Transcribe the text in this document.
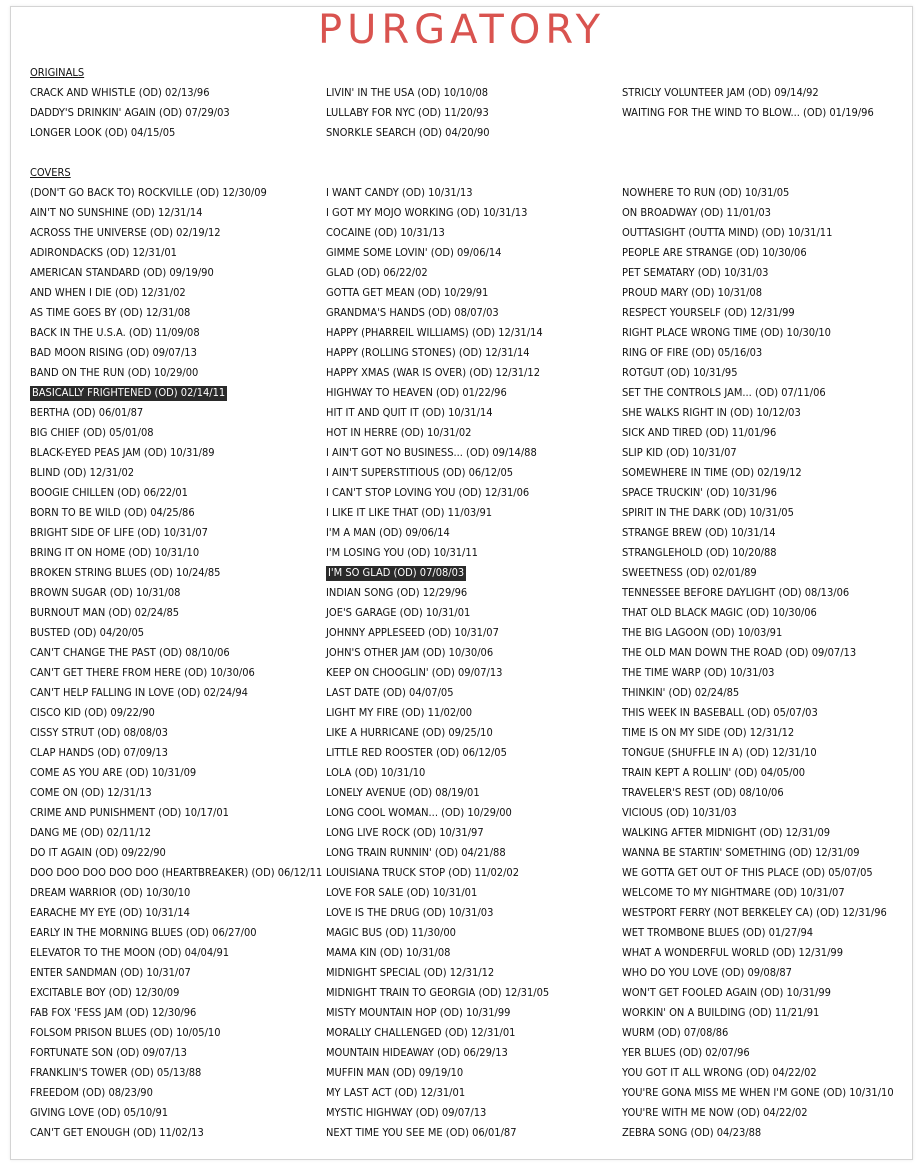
PURGATORY
ORIGINALS
CRACK AND WHISTLE (OD) 02/13/96
DADDY'S DRINKIN' AGAIN (OD) 07/29/03
LONGER LOOK (OD) 04/15/05
LIVIN' IN THE USA (OD) 10/10/08
LULLABY FOR NYC (OD) 11/20/93
SNORKLE SEARCH (OD) 04/20/90
STRICLY VOLUNTEER JAM (OD) 09/14/92
WAITING FOR THE WIND TO BLOW... (OD) 01/19/96
COVERS
(DON'T GO BACK TO) ROCKVILLE (OD) 12/30/09
AIN'T NO SUNSHINE (OD) 12/31/14
ACROSS THE UNIVERSE (OD) 02/19/12
ADIRONDACKS (OD) 12/31/01
AMERICAN STANDARD (OD) 09/19/90
AND WHEN I DIE (OD) 12/31/02
AS TIME GOES BY (OD) 12/31/08
BACK IN THE U.S.A. (OD) 11/09/08
BAD MOON RISING (OD) 09/07/13
BAND ON THE RUN (OD) 10/29/00
BASICALLY FRIGHTENED (OD) 02/14/11
BERTHA (OD) 06/01/87
BIG CHIEF (OD) 05/01/08
BLACK-EYED PEAS JAM (OD) 10/31/89
BLIND (OD) 12/31/02
BOOGIE CHILLEN (OD) 06/22/01
BORN TO BE WILD (OD) 04/25/86
BRIGHT SIDE OF LIFE (OD) 10/31/07
BRING IT ON HOME (OD) 10/31/10
BROKEN STRING BLUES (OD) 10/24/85
BROWN SUGAR (OD) 10/31/08
BURNOUT MAN (OD) 02/24/85
BUSTED (OD) 04/20/05
CAN'T CHANGE THE PAST (OD) 08/10/06
CAN'T GET THERE FROM HERE (OD) 10/30/06
CAN'T HELP FALLING IN LOVE (OD) 02/24/94
CISCO KID (OD) 09/22/90
CISSY STRUT (OD) 08/08/03
CLAP HANDS (OD) 07/09/13
COME AS YOU ARE (OD) 10/31/09
COME ON (OD) 12/31/13
CRIME AND PUNISHMENT (OD) 10/17/01
DANG ME (OD) 02/11/12
DO IT AGAIN (OD) 09/22/90
DOO DOO DOO DOO DOO (HEARTBREAKER) (OD) 06/12/11
DREAM WARRIOR (OD) 10/30/10
EARACHE MY EYE (OD) 10/31/14
EARLY IN THE MORNING BLUES (OD) 06/27/00
ELEVATOR TO THE MOON (OD) 04/04/91
ENTER SANDMAN (OD) 10/31/07
EXCITABLE BOY (OD) 12/30/09
FAB FOX 'FESS JAM (OD) 12/30/96
FOLSOM PRISON BLUES (OD) 10/05/10
FORTUNATE SON (OD) 09/07/13
FRANKLIN'S TOWER (OD) 05/13/88
FREEDOM (OD) 08/23/90
GIVING LOVE (OD) 05/10/91
CAN'T GET ENOUGH (OD) 11/02/13
I WANT CANDY (OD) 10/31/13
I GOT MY MOJO WORKING (OD) 10/31/13
COCAINE (OD) 10/31/13
GIMME SOME LOVIN' (OD) 09/06/14
GLAD (OD) 06/22/02
GOTTA GET MEAN (OD) 10/29/91
GRANDMA'S HANDS (OD) 08/07/03
HAPPY (PHARREIL WILLIAMS) (OD) 12/31/14
HAPPY (ROLLING STONES) (OD) 12/31/14
HAPPY XMAS (WAR IS OVER) (OD) 12/31/12
HIGHWAY TO HEAVEN (OD) 01/22/96
HIT IT AND QUIT IT (OD) 10/31/14
HOT IN HERRE (OD) 10/31/02
I AIN'T GOT NO BUSINESS... (OD) 09/14/88
I AIN'T SUPERSTITIOUS (OD) 06/12/05
I CAN'T STOP LOVING YOU (OD) 12/31/06
I LIKE IT LIKE THAT (OD) 11/03/91
I'M A MAN (OD) 09/06/14
I'M LOSING YOU (OD) 10/31/11
I'M SO GLAD (OD) 07/08/03
INDIAN SONG (OD) 12/29/96
JOE'S GARAGE (OD) 10/31/01
JOHNNY APPLESEED (OD) 10/31/07
JOHN'S OTHER JAM (OD) 10/30/06
KEEP ON CHOOGLIN' (OD) 09/07/13
LAST DATE (OD) 04/07/05
LIGHT MY FIRE (OD) 11/02/00
LIKE A HURRICANE (OD) 09/25/10
LITTLE RED ROOSTER (OD) 06/12/05
LOLA (OD) 10/31/10
LONELY AVENUE (OD) 08/19/01
LONG COOL WOMAN... (OD) 10/29/00
LONG LIVE ROCK (OD) 10/31/97
LONG TRAIN RUNNIN' (OD) 04/21/88
LOUISIANA TRUCK STOP (OD) 11/02/02
LOVE FOR SALE (OD) 10/31/01
LOVE IS THE DRUG (OD) 10/31/03
MAGIC BUS (OD) 11/30/00
MAMA KIN (OD) 10/31/08
MIDNIGHT SPECIAL (OD) 12/31/12
MIDNIGHT TRAIN TO GEORGIA (OD) 12/31/05
MISTY MOUNTAIN HOP (OD) 10/31/99
MORALLY CHALLENGED (OD) 12/31/01
MOUNTAIN HIDEAWAY (OD) 06/29/13
MUFFIN MAN (OD) 09/19/10
MY LAST ACT (OD) 12/31/01
MYSTIC HIGHWAY (OD) 09/07/13
NEXT TIME YOU SEE ME (OD) 06/01/87
NOWHERE TO RUN (OD) 10/31/05
ON BROADWAY (OD) 11/01/03
OUTTASIGHT (OUTTA MIND) (OD) 10/31/11
PEOPLE ARE STRANGE (OD) 10/30/06
PET SEMATARY (OD) 10/31/03
PROUD MARY (OD) 10/31/08
RESPECT YOURSELF (OD) 12/31/99
RIGHT PLACE WRONG TIME (OD) 10/30/10
RING OF FIRE (OD) 05/16/03
ROTGUT (OD) 10/31/95
SET THE CONTROLS JAM... (OD) 07/11/06
SHE WALKS RIGHT IN (OD) 10/12/03
SICK AND TIRED (OD) 11/01/96
SLIP KID (OD) 10/31/07
SOMEWHERE IN TIME (OD) 02/19/12
SPACE TRUCKIN' (OD) 10/31/96
SPIRIT IN THE DARK (OD) 10/31/05
STRANGE BREW (OD) 10/31/14
STRANGLEHOLD (OD) 10/20/88
SWEETNESS (OD) 02/01/89
TENNESSEE BEFORE DAYLIGHT (OD) 08/13/06
THAT OLD BLACK MAGIC (OD) 10/30/06
THE BIG LAGOON (OD) 10/03/91
THE OLD MAN DOWN THE ROAD (OD) 09/07/13
THE TIME WARP (OD) 10/31/03
THINKIN' (OD) 02/24/85
THIS WEEK IN BASEBALL (OD) 05/07/03
TIME IS ON MY SIDE (OD) 12/31/12
TONGUE (SHUFFLE IN A) (OD) 12/31/10
TRAIN KEPT A ROLLIN' (OD) 04/05/00
TRAVELER'S REST (OD) 08/10/06
VICIOUS (OD) 10/31/03
WALKING AFTER MIDNIGHT (OD) 12/31/09
WANNA BE STARTIN' SOMETHING (OD) 12/31/09
WE GOTTA GET OUT OF THIS PLACE (OD) 05/07/05
WELCOME TO MY NIGHTMARE (OD) 10/31/07
WESTPORT FERRY (NOT BERKELEY CA) (OD) 12/31/96
WET TROMBONE BLUES (OD) 01/27/94
WHAT A WONDERFUL WORLD (OD) 12/31/99
WHO DO YOU LOVE (OD) 09/08/87
WON'T GET FOOLED AGAIN (OD) 10/31/99
WORKIN' ON A BUILDING (OD) 11/21/91
WURM (OD) 07/08/86
YER BLUES (OD) 02/07/96
YOU GOT IT ALL WRONG (OD) 04/22/02
YOU'RE GONA MISS ME WHEN I'M GONE (OD) 10/31/10
YOU'RE WITH ME NOW (OD) 04/22/02
ZEBRA SONG (OD) 04/23/88
